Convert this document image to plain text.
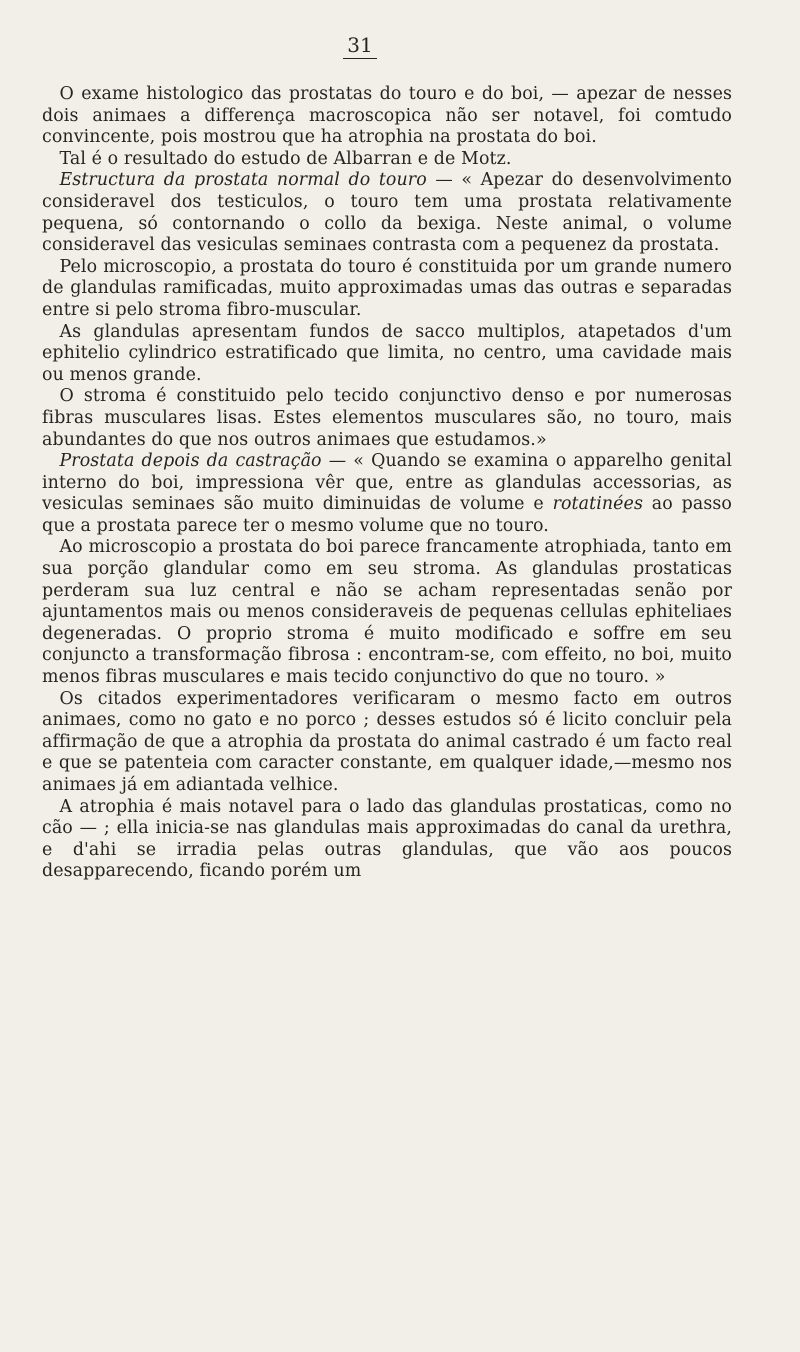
31

 O exame histologico das prostatas do touro e do boi, — apezar de nesses dois animaes a differença macroscopica não ser notavel, foi comtudo convincente, pois mostrou que ha atrophia na prostata do boi.

 Tal é o resultado do estudo de Albarran e de Motz.

 Estructura da prostata normal do touro — « Apezar do desenvolvimento consideravel dos testiculos, o touro tem uma prostata relativamente pequena, só contornando o collo da bexiga. Neste animal, o volume consideravel das vesiculas seminaes contrasta com a pequenez da prostata.

 Pelo microscopio, a prostata do touro é constituida por um grande numero de glandulas ramificadas, muito approximadas umas das outras e separadas entre si pelo stroma fibro-muscular.

 As glandulas apresentam fundos de sacco multiplos, atapetados d'um ephitelio cylindrico estratificado que limita, no centro, uma cavidade mais ou menos grande.

 O stroma é constituido pelo tecido conjunctivo denso e por numerosas fibras musculares lisas. Estes elementos musculares são, no touro, mais abundantes do que nos outros animaes que estudamos.»

 Prostata depois da castração — « Quando se examina o apparelho genital interno do boi, impressiona vêr que, entre as glandulas accessorias, as vesiculas seminaes são muito diminuidas de volume e rotatinées ao passo que a prostata parece ter o mesmo volume que no touro.

 Ao microscopio a prostata do boi parece francamente atrophiada, tanto em sua porção glandular como em seu stroma. As glandulas prostaticas perderam sua luz central e não se acham representadas senão por ajuntamentos mais ou menos consideraveis de pequenas cellulas ephiteliaes degeneradas. O proprio stroma é muito modificado e soffre em seu conjuncto a transformação fibrosa : encontram-se, com effeito, no boi, muito menos fibras musculares e mais tecido conjunctivo do que no touro. »

 Os citados experimentadores verificaram o mesmo facto em outros animaes, como no gato e no porco ; desses estudos só é licito concluir pela affirmação de que a atrophia da prostata do animal castrado é um facto real e que se patenteia com caracter constante, em qualquer idade,—mesmo nos animaes já em adiantada velhice.

 A atrophia é mais notavel para o lado das glandulas prostaticas, como no cão — ; ella inicia-se nas glandulas mais approximadas do canal da urethra, e d'ahi se irradia pelas outras glandulas, que vão aos poucos desapparecendo, ficando porém um
